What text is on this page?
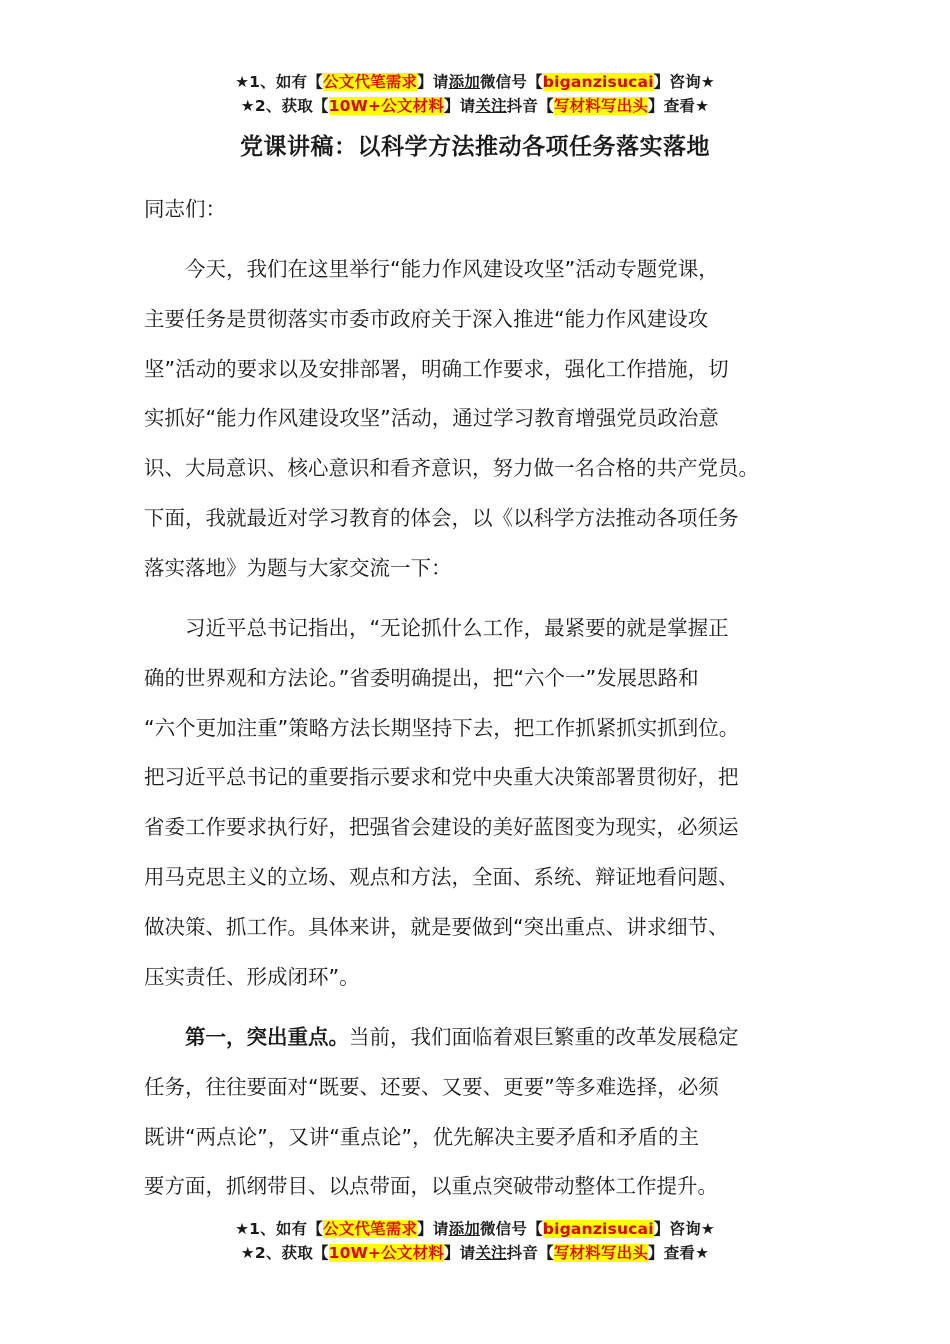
★1、如有【公文代笔需求】请添加微信号【biganzisucai】咨询★
★2、获取【10W+公文材料】请关注抖音【写材料写出头】查看★
党课讲稿：以科学方法推动各项任务落实落地
同志们：
今天，我们在这里举行“能力作风建设攻坚”活动专题党课，
主要任务是贯彻落实市委市政府关于深入推进“能力作风建设攻
坚”活动的要求以及安排部署，明确工作要求，强化工作措施，切
实抓好“能力作风建设攻坚”活动，通过学习教育增强党员政治意
识、大局意识、核心意识和看齐意识，努力做一名合格的共产党员。
下面，我就最近对学习教育的体会，以《以科学方法推动各项任务
落实落地》为题与大家交流一下：
习近平总书记指出，“无论抓什么工作，最紧要的就是掌握正
确的世界观和方法论。”省委明确提出，把“六个一”发展思路和
“六个更加注重”策略方法长期坚持下去，把工作抓紧抓实抓到位。
把习近平总书记的重要指示要求和党中央重大决策部署贯彻好，把
省委工作要求执行好，把强省会建设的美好蓝图变为现实，必须运
用马克思主义的立场、观点和方法，全面、系统、辩证地看问题、
做决策、抓工作。具体来讲，就是要做到“突出重点、讲求细节、
压实责任、形成闭环”。
第一，突出重点。当前，我们面临着艰巨繁重的改革发展稳定
任务，往往要面对“既要、还要、又要、更要”等多难选择，必须
既讲“两点论”，又讲“重点论”，优先解决主要矛盾和矛盾的主
要方面，抓纲带目、以点带面，以重点突破带动整体工作提升。
★1、如有【公文代笔需求】请添加微信号【biganzisucai】咨询★
★2、获取【10W+公文材料】请关注抖音【写材料写出头】查看★
